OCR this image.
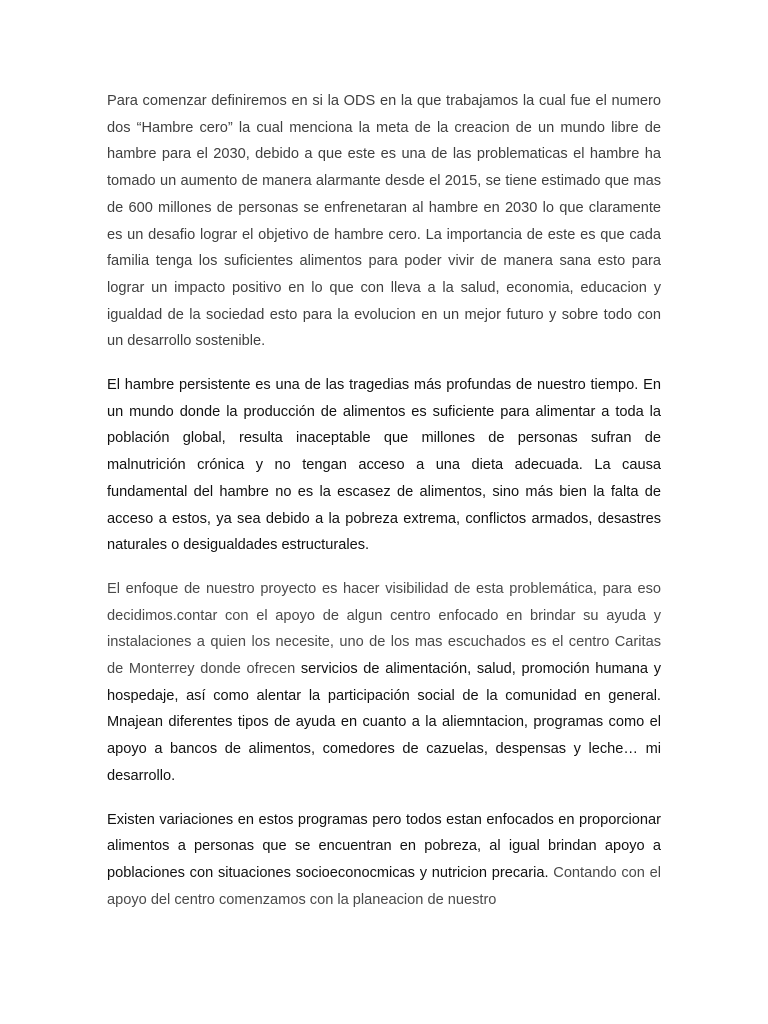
Para comenzar definiremos en si la ODS en la que trabajamos la cual fue el numero dos “Hambre cero” la cual menciona la meta de la creacion de un mundo libre de hambre para el 2030, debido a que este es una de las problematicas el hambre ha tomado un aumento de manera alarmante desde el 2015, se tiene estimado que mas de 600 millones de personas se enfrenetaran al hambre en 2030 lo que claramente es un desafio lograr el objetivo de hambre cero. La importancia de este es que cada familia tenga los suficientes alimentos para poder vivir de manera sana esto para lograr un impacto positivo en lo que con lleva a la salud, economia, educacion y igualdad de la sociedad esto para la evolucion en un mejor futuro y sobre todo con un desarrollo sostenible.

El hambre persistente es una de las tragedias más profundas de nuestro tiempo. En un mundo donde la producción de alimentos es suficiente para alimentar a toda la población global, resulta inaceptable que millones de personas sufran de malnutrición crónica y no tengan acceso a una dieta adecuada. La causa fundamental del hambre no es la escasez de alimentos, sino más bien la falta de acceso a estos, ya sea debido a la pobreza extrema, conflictos armados, desastres naturales o desigualdades estructurales.

El enfoque de nuestro proyecto es hacer visibilidad de esta problemática, para eso decidimos.contar con el apoyo de algun centro enfocado en brindar su ayuda y instalaciones a quien los necesite, uno de los mas escuchados es el centro Caritas de Monterrey donde ofrecen servicios de alimentación, salud, promoción humana y hospedaje, así como alentar la participación social de la comunidad en general. Mnajean diferentes tipos de ayuda en cuanto a la aliemntacion, programas como el apoyo a bancos de alimentos, comedores de cazuelas, despensas y leche… mi desarrollo.

Existen variaciones en estos programas pero todos estan enfocados en proporcionar alimentos a personas que se encuentran en pobreza, al igual brindan apoyo a poblaciones con situaciones socioeconocmicas y nutricion precaria. Contando con el apoyo del centro comenzamos con la planeacion de nuestro
